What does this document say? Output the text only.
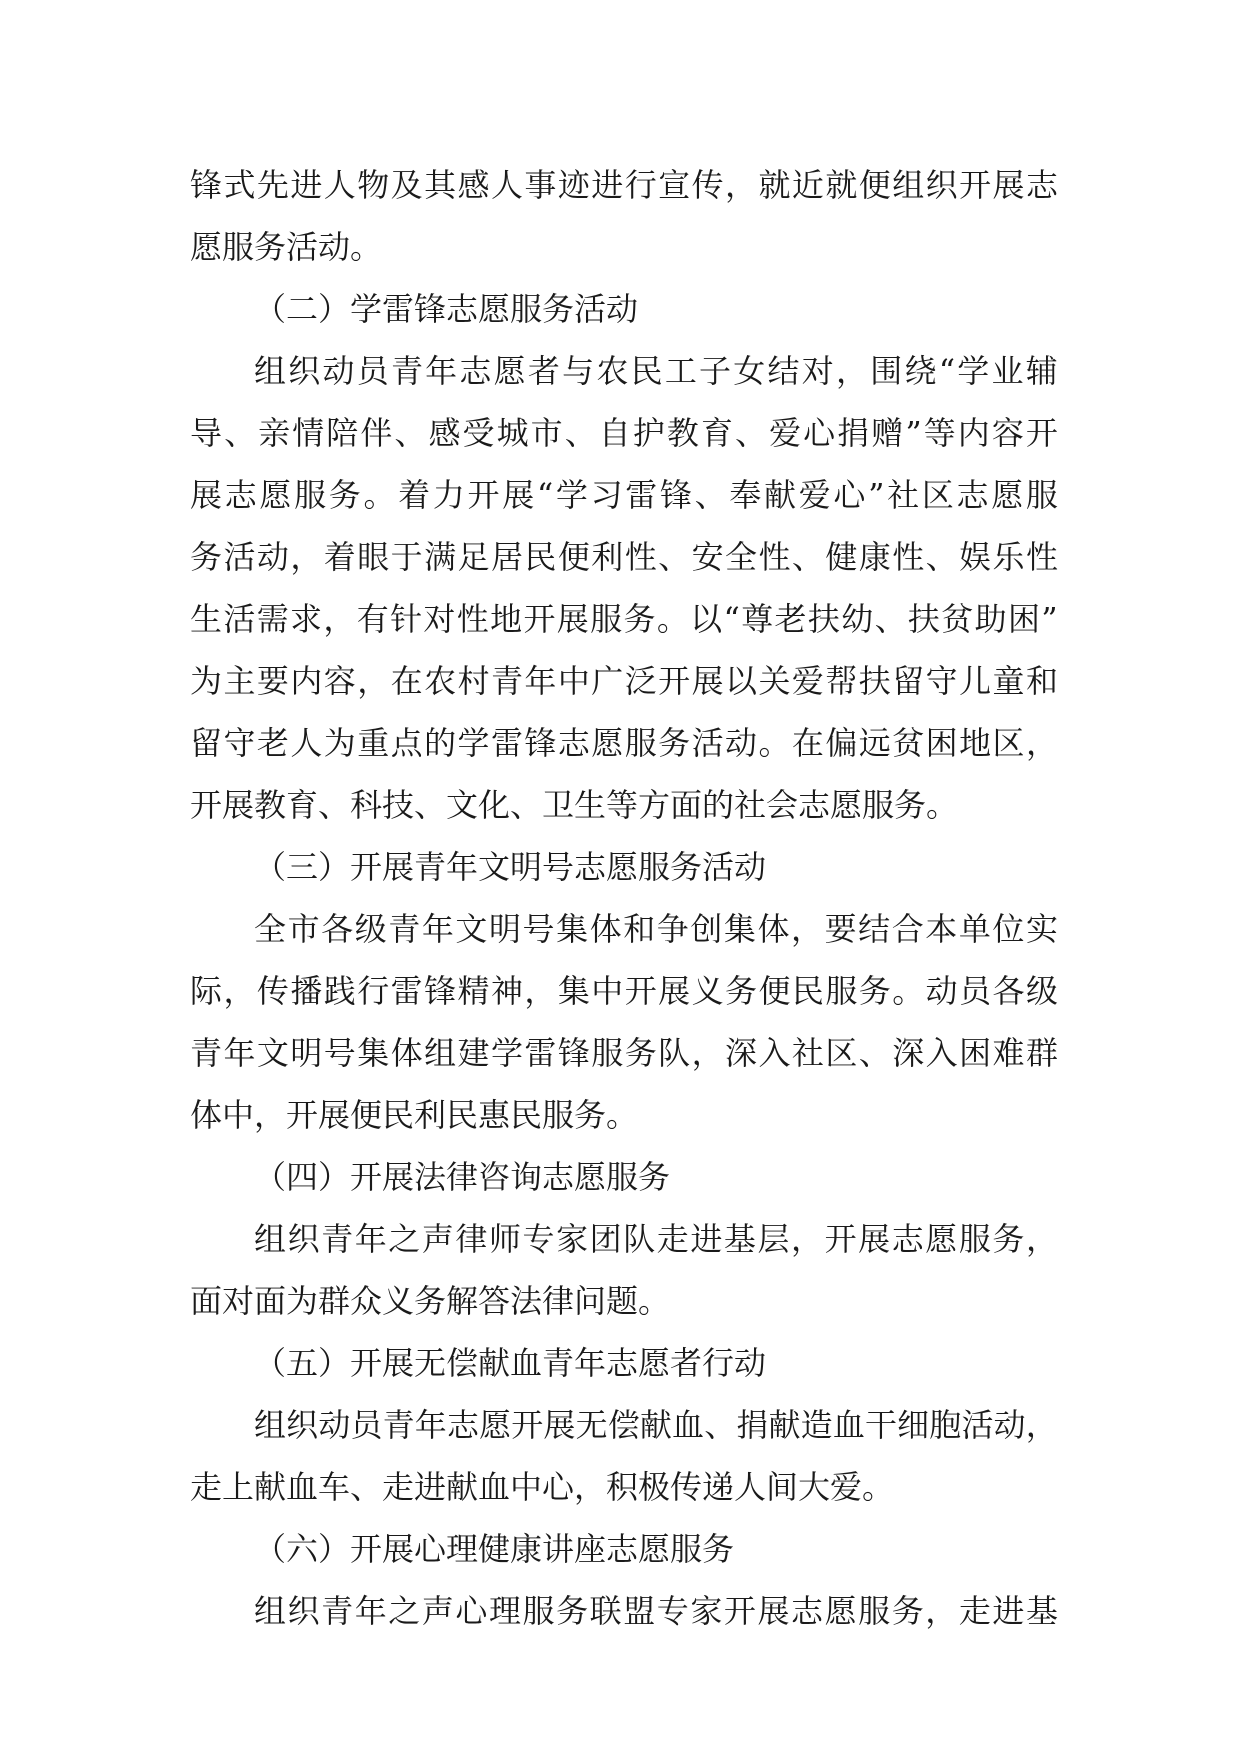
锋 式 先 进 人 物 及 其 感 人 事 迹 进 行 宣 传 ， 就 近 就 便 组 织 开 展 志
愿服务活动。
（二）学雷锋志愿服务活动
组 织 动 员 青 年 志 愿 者 与 农 民 工 子 女 结 对 ， 围 绕 “ 学 业 辅
导 、 亲 情 陪 伴 、 感 受 城 市 、 自 护 教 育 、 爱 心 捐 赠 ” 等 内 容 开
展 志 愿 服 务 。 着 力 开 展 “ 学 习 雷 锋 、 奉 献 爱 心 ” 社 区 志 愿 服
务 活 动 ， 着 眼 于 满 足 居 民 便 利 性 、 安 全 性 、 健 康 性 、 娱 乐 性
生 活 需 求 ， 有 针 对 性 地 开 展 服 务 。 以 “ 尊 老 扶 幼 、 扶 贫 助 困 ”
为 主 要 内 容 ， 在 农 村 青 年 中 广 泛 开 展 以 关 爱 帮 扶 留 守 儿 童 和
留 守 老 人 为 重 点 的 学 雷 锋 志 愿 服 务 活 动 。 在 偏 远 贫 困 地 区 ，
开展教育、科技、文化、卫生等方面的社会志愿服务。
（三）开展青年文明号志愿服务活动
全 市 各 级 青 年 文 明 号 集 体 和 争 创 集 体 ， 要 结 合 本 单 位 实
际 ， 传 播 践 行 雷 锋 精 神 ， 集 中 开 展 义 务 便 民 服 务 。 动 员 各 级
青 年 文 明 号 集 体 组 建 学 雷 锋 服 务 队 ， 深 入 社 区 、 深 入 困 难 群
体中，开展便民利民惠民服务。
（四）开展法律咨询志愿服务
组 织 青 年 之 声 律 师 专 家 团 队 走 进 基 层 ， 开 展 志 愿 服 务 ，
面对面为群众义务解答法律问题。
（五）开展无偿献血青年志愿者行动
组 织 动 员 青 年 志 愿 开 展 无 偿 献 血 、 捐 献 造 血 干 细 胞 活 动 ，
走上献血车、走进献血中心，积极传递人间大爱。
（六）开展心理健康讲座志愿服务
组 织 青 年 之 声 心 理 服 务 联 盟 专 家 开 展 志 愿 服 务 ， 走 进 基
